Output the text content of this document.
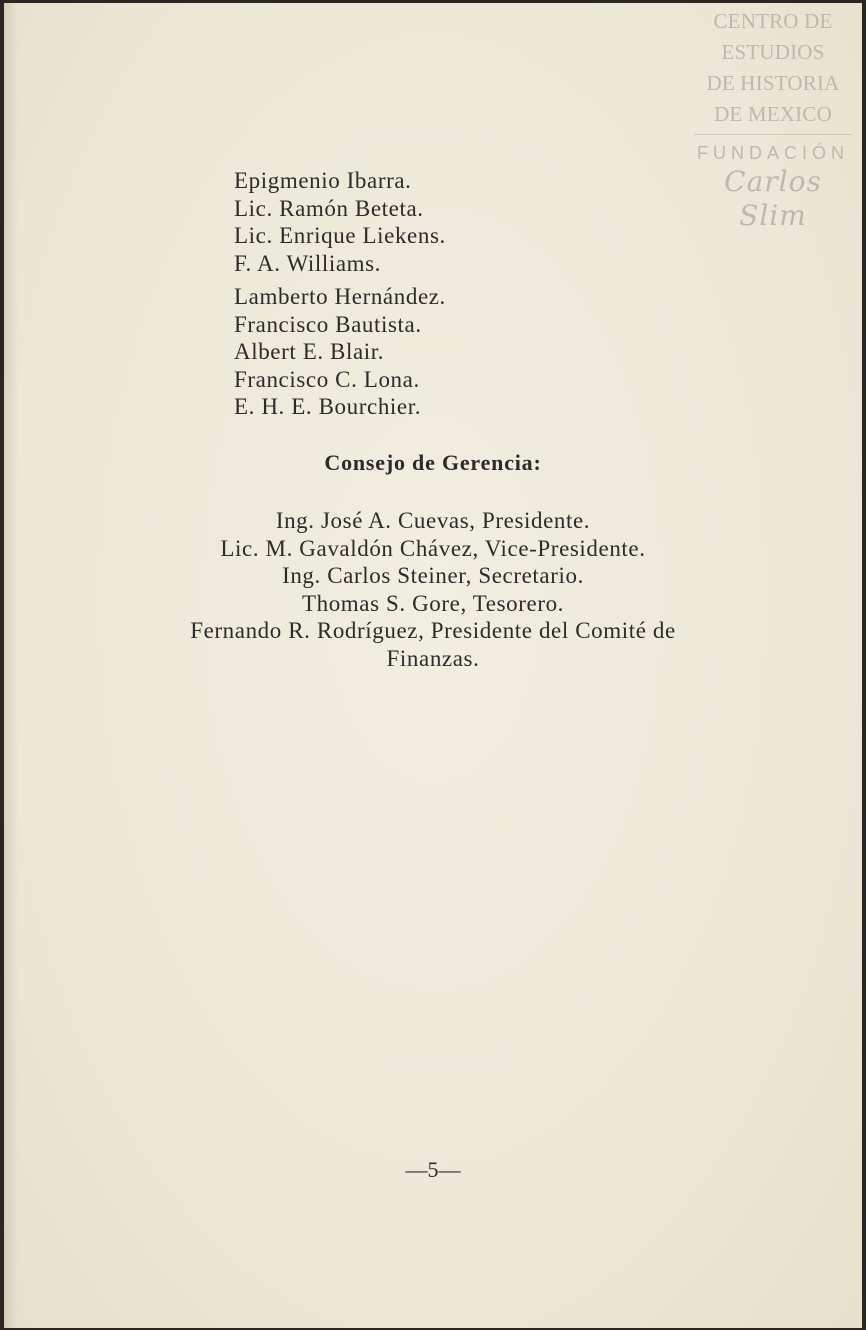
CENTRO DE
ESTUDIOS
DE HISTORIA
DE MEXICO
FUNDACIÓN
Carlos Slim
Epigmenio Ibarra.
Lic. Ramón Beteta.
Lic. Enrique Liekens.
F. A. Williams.
Lamberto Hernández.
Francisco Bautista.
Albert E. Blair.
Francisco C. Lona.
E. H. E. Bourchier.
Consejo de Gerencia:
Ing. José A. Cuevas, Presidente.
Lic. M. Gavaldón Chávez, Vice-Presidente.
Ing. Carlos Steiner, Secretario.
Thomas S. Gore, Tesorero.
Fernando R. Rodríguez, Presidente del Comité de
Finanzas.
—5—
